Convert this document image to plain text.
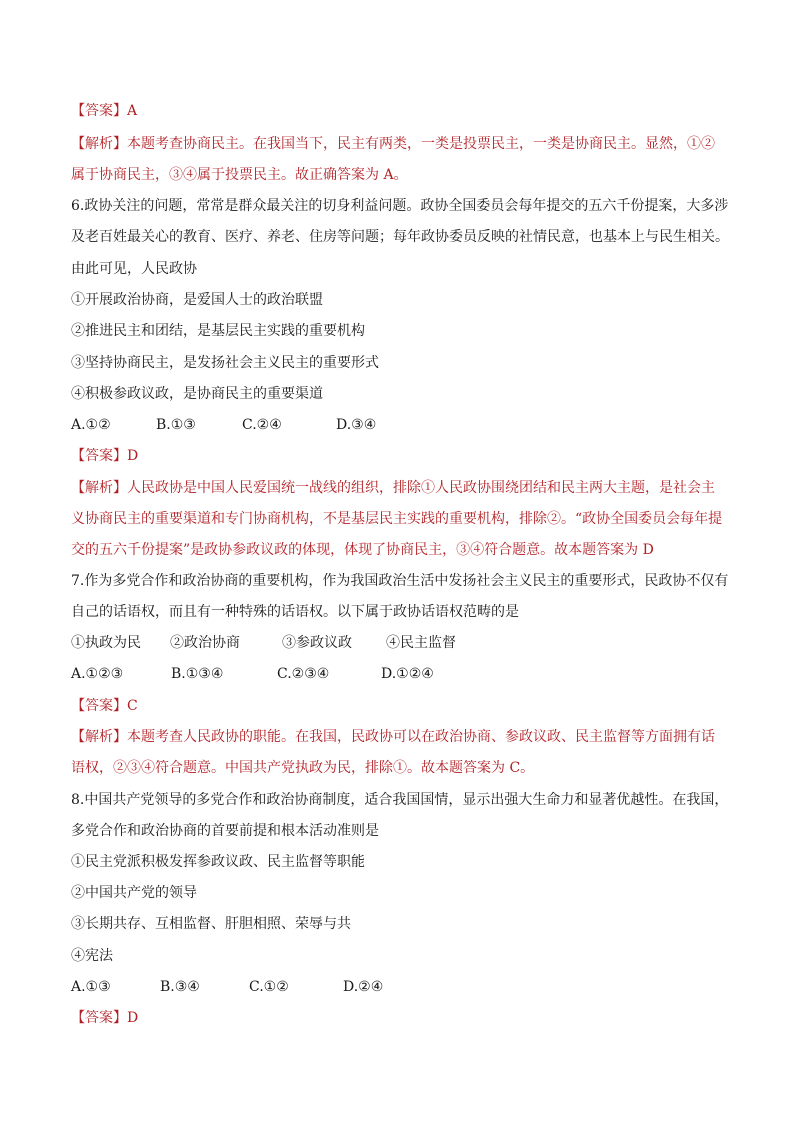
【答案】A
【解析】本题考查协商民主。在我国当下，民主有两类，一类是投票民主，一类是协商民主。显然，①②
属于协商民主，③④属于投票民主。故正确答案为 A。
6.政协关注的问题，常常是群众最关注的切身利益问题。政协全国委员会每年提交的五六千份提案，大多涉
及老百姓最关心的教育、医疗、养老、住房等问题；每年政协委员反映的社情民意，也基本上与民生相关。
由此可见，人民政协
①开展政治协商，是爱国人士的政治联盟
②推进民主和团结，是基层民主实践的重要机构
③坚持协商民主，是发扬社会主义民主的重要形式
④积极参政议政，是协商民主的重要渠道
A.①②	B.①③	C.②④	D.③④
【答案】D
【解析】人民政协是中国人民爱国统一战线的组织，排除①人民政协围绕团结和民主两大主题，是社会主
义协商民主的重要渠道和专门协商机构，不是基层民主实践的重要机构，排除②。“政协全国委员会每年提
交的五六千份提案”是政协参政议政的体现，体现了协商民主，③④符合题意。故本题答案为 D
7.作为多党合作和政治协商的重要机构，作为我国政治生活中发扬社会主义民主的重要形式，民政协不仅有
自己的话语权，而且有一种特殊的话语权。以下属于政协话语权范畴的是
①执政为民 ②政治协商	③参政议政 ④民主监督
A.①②③	B.①③④	C.②③④	D.①②④
【答案】C
【解析】本题考查人民政协的职能。在我国，民政协可以在政治协商、参政议政、民主监督等方面拥有话
语权，②③④符合题意。中国共产党执政为民，排除①。故本题答案为 C。
8.中国共产党领导的多党合作和政治协商制度，适合我国国情，显示出强大生命力和显著优越性。在我国，
多党合作和政治协商的首要前提和根本活动准则是
①民主党派积极发挥参政议政、民主监督等职能
②中国共产党的领导
③长期共存、互相监督、肝胆相照、荣辱与共
④宪法
A.①③	B.③④	C.①②	D.②④
【答案】D
